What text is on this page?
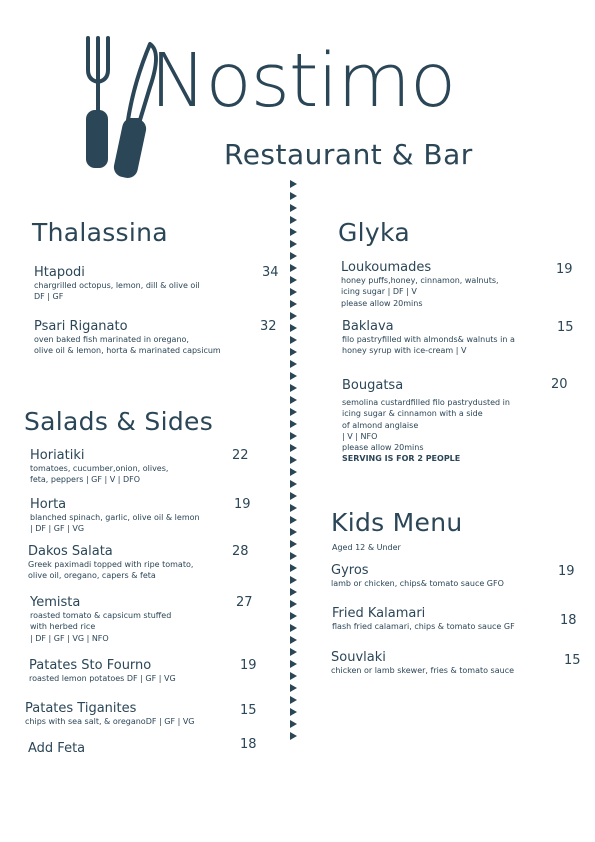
Nostimo
Restaurant & Bar
Thalassina
Htapodi
chargrilled octopus, lemon, dill & olive oil
DF | GF
34
Psari Riganato
oven baked fish marinated in oregano,
olive oil & lemon, horta & marinated capsicum
32
Salads & Sides
Horiatiki
tomatoes, cucumber,onion, olives,
feta, peppers | GF | V | DFO
22
Horta
blanched spinach, garlic, olive oil & lemon
| DF | GF | VG
19
Dakos Salata
Greek paximadi topped with ripe tomato,
olive oil, oregano, capers & feta
28
Yemista
roasted tomato & capsicum stuffed
with herbed rice
| DF | GF | VG | NFO
27
Patates Sto Fourno
roasted lemon potatoes DF | GF | VG
19
Patates Tiganites
chips with sea salt, & oreganoDF | GF | VG
15
Add Feta	18
Glyka
Loukoumades
honey puffs,honey, cinnamon, walnuts,
icing sugar | DF | V
please allow 20mins
19
Baklava
filo pastryfilled with almonds& walnuts in a
honey syrup with ice-cream | V
15
Bougatsa
semolina custardfilled filo pastrydusted in
icing sugar & cinnamon with a side
of almond anglaise
| V | NFO
please allow 20mins
SERVING IS FOR 2 PEOPLE
20
Kids Menu
Aged 12 & Under
Gyros
lamb or chicken, chips& tomato sauce GFO
19
Fried Kalamari
flash fried calamari, chips & tomato sauce GF	18
Souvlaki
chicken or lamb skewer, fries & tomato sauce
15
